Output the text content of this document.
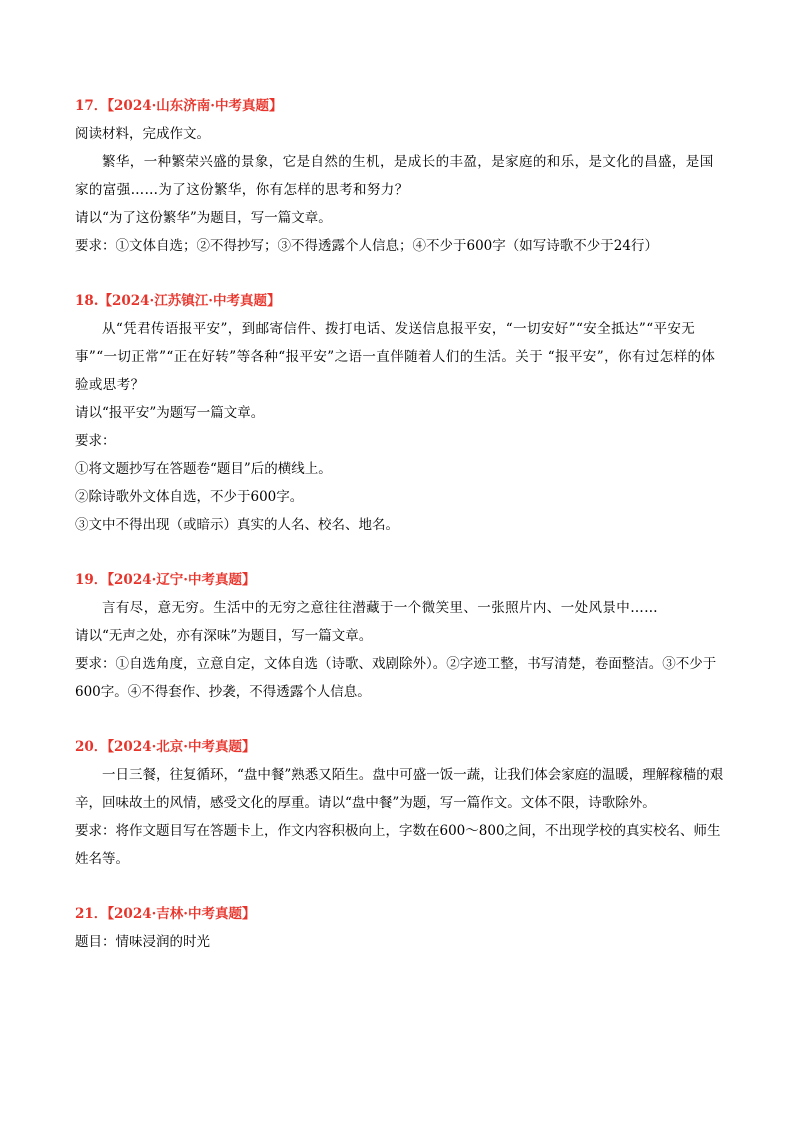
17．【2024·山东济南·中考真题】

阅读材料，完成作文。

繁华，一种繁荣兴盛的景象，它是自然的生机，是成长的丰盈，是家庭的和乐，是文化的昌盛，是国家的富强……为了这份繁华，你有怎样的思考和努力？

请以“为了这份繁华”为题目，写一篇文章。

要求：①文体自选；②不得抄写；③不得透露个人信息；④不少于600字（如写诗歌不少于24行）

18.【2024·江苏镇江·中考真题】

从“凭君传语报平安”，到邮寄信件、拨打电话、发送信息报平安，“一切安好”“安全抵达”“平安无事”“一切正常”“正在好转”等各种“报平安”之语一直伴随着人们的生活。关于 “报平安”，你有过怎样的体验或思考？

请以“报平安”为题写一篇文章。

要求：

①将文题抄写在答题卷“题目”后的横线上。

②除诗歌外文体自选，不少于600字。

③文中不得出现（或暗示）真实的人名、校名、地名。

19．【2024·辽宁·中考真题】

言有尽，意无穷。生活中的无穷之意往往潜藏于一个微笑里、一张照片内、一处风景中……

请以“无声之处，亦有深味”为题目，写一篇文章。

要求：①自选角度，立意自定，文体自选（诗歌、戏剧除外）。②字迹工整，书写清楚，卷面整洁。③不少于600字。④不得套作、抄袭，不得透露个人信息。

20．【2024·北京·中考真题】

一日三餐，往复循环，“盘中餐”熟悉又陌生。盘中可盛一饭一蔬，让我们体会家庭的温暖，理解稼穑的艰辛，回味故土的风情，感受文化的厚重。请以“盘中餐”为题，写一篇作文。文体不限，诗歌除外。

要求：将作文题目写在答题卡上，作文内容积极向上，字数在600～800之间，不出现学校的真实校名、师生姓名等。

21．【2024·吉林·中考真题】

题目：情味浸润的时光
